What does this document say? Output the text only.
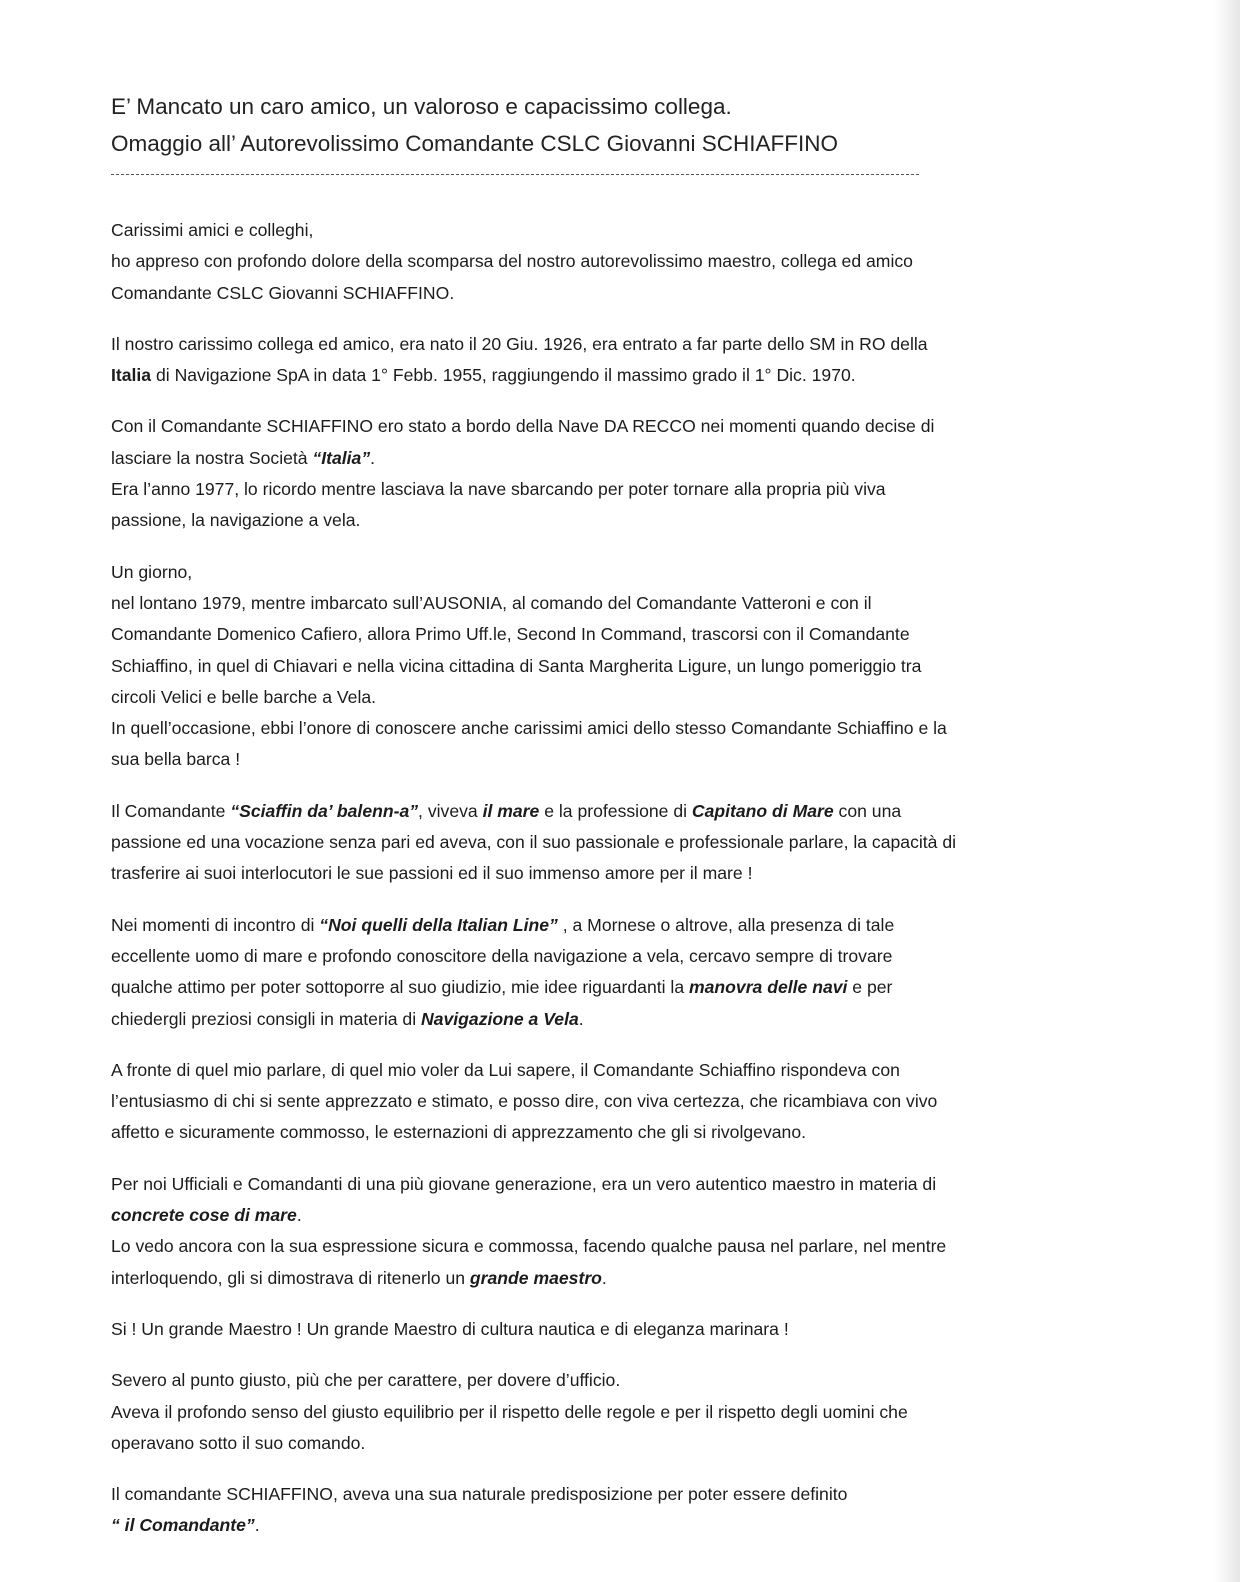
E’ Mancato un caro amico, un valoroso e capacissimo collega.
Omaggio all’ Autorevolissimo Comandante CSLC Giovanni SCHIAFFINO

Carissimi amici e colleghi,
ho appreso con profondo dolore della scomparsa del nostro autorevolissimo maestro, collega ed amico
Comandante CSLC Giovanni SCHIAFFINO.

Il nostro carissimo collega ed amico, era nato il 20 Giu. 1926, era entrato a far parte dello SM in RO della
Italia di Navigazione SpA in data 1° Febb. 1955, raggiungendo il massimo grado il 1° Dic. 1970.

Con il Comandante SCHIAFFINO ero stato a bordo della Nave DA RECCO nei momenti quando decise di
lasciare la nostra Società “Italia”.
Era l’anno 1977, lo ricordo mentre lasciava la nave sbarcando per poter tornare alla propria più viva
passione, la navigazione a vela.

Un giorno,
nel lontano 1979, mentre imbarcato sull’AUSONIA, al comando del Comandante Vatteroni e con il
Comandante Domenico Cafiero, allora Primo Uff.le, Second In Command, trascorsi con il Comandante
Schiaffino, in quel di Chiavari e nella vicina cittadina di Santa Margherita Ligure, un lungo pomeriggio tra
circoli Velici e belle barche a Vela.
In quell’occasione, ebbi l’onore di conoscere anche carissimi amici dello stesso Comandante Schiaffino e la
sua bella barca !

Il Comandante “Sciaffin da’ balenn-a”, viveva il mare e la professione di Capitano di Mare con una
passione ed una vocazione senza pari ed aveva, con il suo passionale e professionale parlare, la capacità di
trasferire ai suoi interlocutori le sue passioni ed il suo immenso amore per il mare !

Nei momenti di incontro di “Noi quelli della Italian Line” , a Mornese o altrove, alla presenza di tale
eccellente uomo di mare e profondo conoscitore della navigazione a vela, cercavo sempre di trovare
qualche attimo per poter sottoporre al suo giudizio, mie idee riguardanti la manovra delle navi e per
chiedergli preziosi consigli in materia di Navigazione a Vela.

A fronte di quel mio parlare, di quel mio voler da Lui sapere, il Comandante Schiaffino rispondeva con
l’entusiasmo di chi si sente apprezzato e stimato, e posso dire, con viva certezza, che ricambiava con vivo
affetto e sicuramente commosso, le esternazioni di apprezzamento che gli si rivolgevano.

Per noi Ufficiali e Comandanti di una più giovane generazione, era un vero autentico maestro in materia di
concrete cose di mare.
Lo vedo ancora con la sua espressione sicura e commossa, facendo qualche pausa nel parlare, nel mentre
interloquendo, gli si dimostrava di ritenerlo un grande maestro.

Si ! Un grande Maestro ! Un grande Maestro di cultura nautica e di eleganza marinara !

Severo al punto giusto, più che per carattere, per dovere d’ufficio.
Aveva il profondo senso del giusto equilibrio per il rispetto delle regole e per il rispetto degli uomini che
operavano sotto il suo comando.

Il comandante SCHIAFFINO, aveva una sua naturale predisposizione per poter essere definito
“ il Comandante”.
